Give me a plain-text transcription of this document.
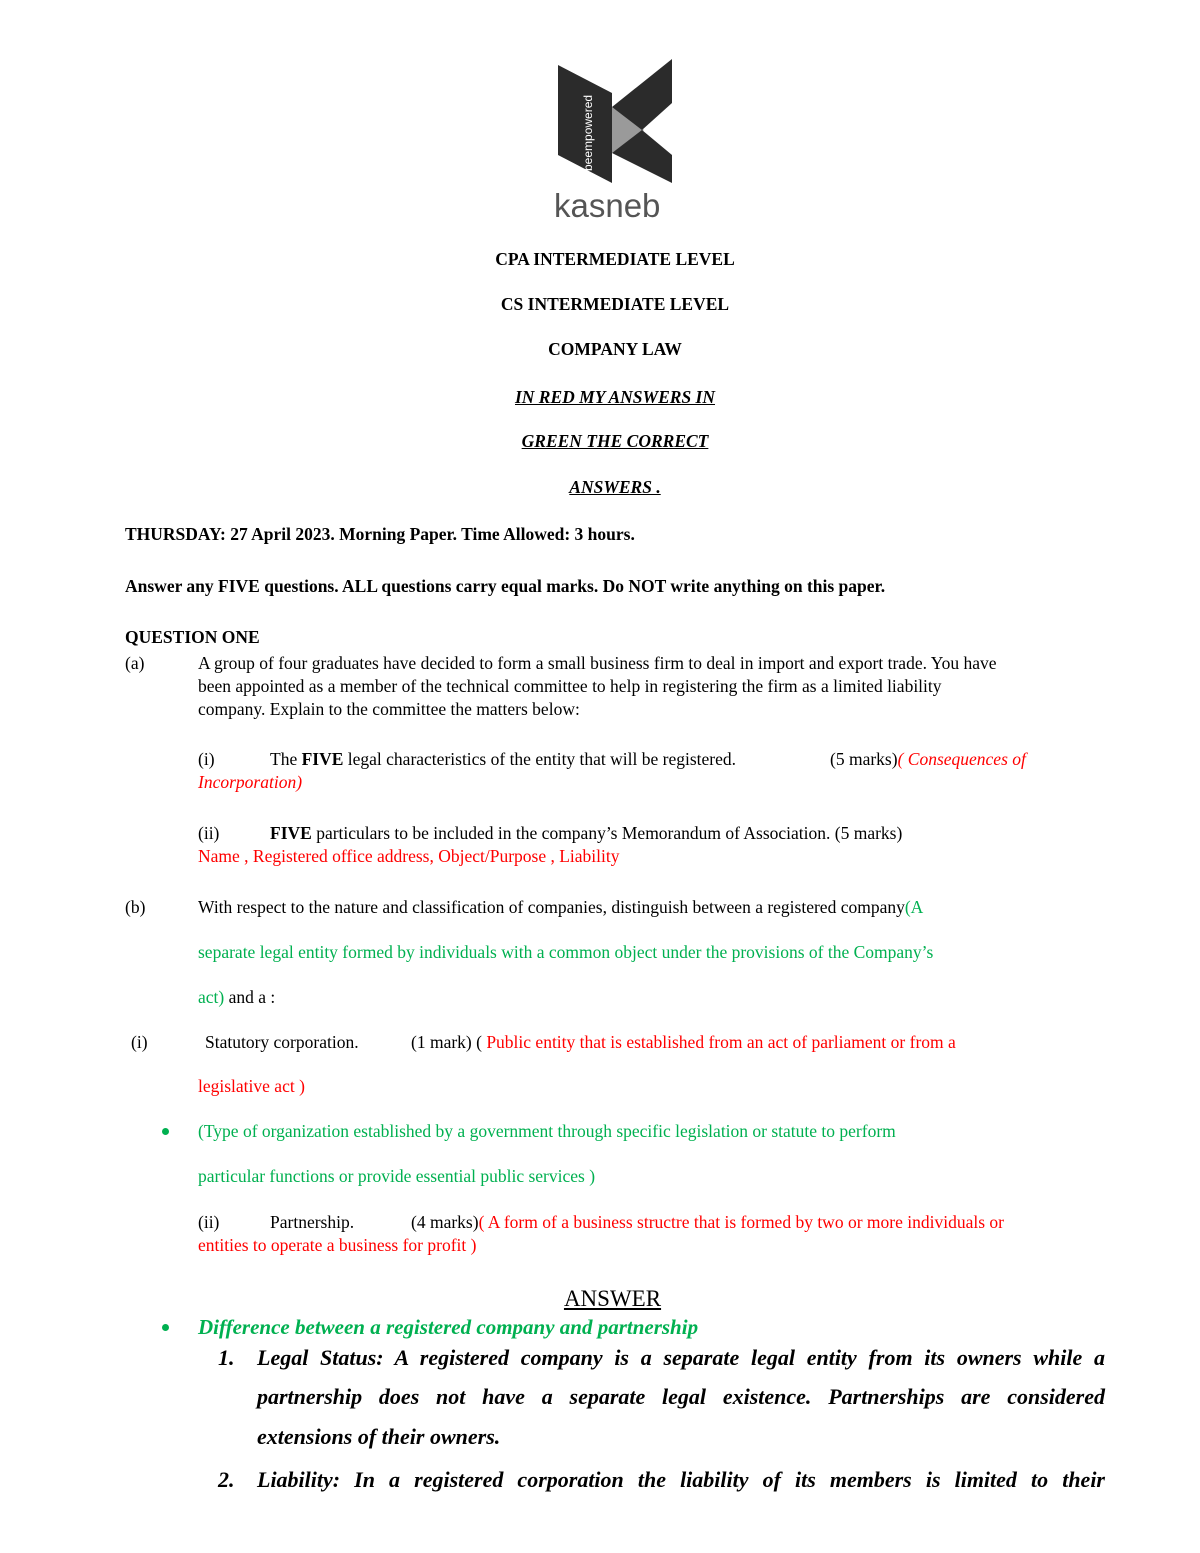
beempowered
kasneb
CPA INTERMEDIATE LEVEL
CS INTERMEDIATE LEVEL
COMPANY LAW
IN RED MY ANSWERS IN
GREEN THE CORRECT
ANSWERS .
THURSDAY: 27 April 2023. Morning Paper. Time Allowed: 3 hours.
Answer any FIVE questions. ALL questions carry equal marks. Do NOT write anything on this paper.
QUESTION ONE
(a)	A group of four graduates have decided to form a small business firm to deal in import and export trade. You have
been appointed as a member of the technical committee to help in registering the firm as a limited liability
company. Explain to the committee the matters below:
(i)	The FIVE legal characteristics of the entity that will be registered.	(5 marks)( Consequences of
Incorporation)
(ii)	FIVE particulars to be included in the company’s Memorandum of Association. (5 marks)
Name , Registered office address, Object/Purpose , Liability
(b)	With respect to the nature and classification of companies, distinguish between a registered company(A
separate legal entity formed by individuals with a common object under the provisions of the Company’s
act) and a :
(i)	Statutory corporation.	(1 mark) ( Public entity that is established from an act of parliament or from a
legislative act )
(Type of organization established by a government through specific legislation or statute to perform
particular functions or provide essential public services )
(ii)	Partnership.	(4 marks)( A form of a business structre that is formed by two or more individuals or
entities to operate a business for profit )
ANSWER
Difference between a registered company and partnership
1. Legal Status: A registered company is a separate legal entity from its owners while a
partnership does not have a separate legal existence. Partnerships are considered
extensions of their owners.
2. Liability: In a registered corporation the liability of its members is limited to their
